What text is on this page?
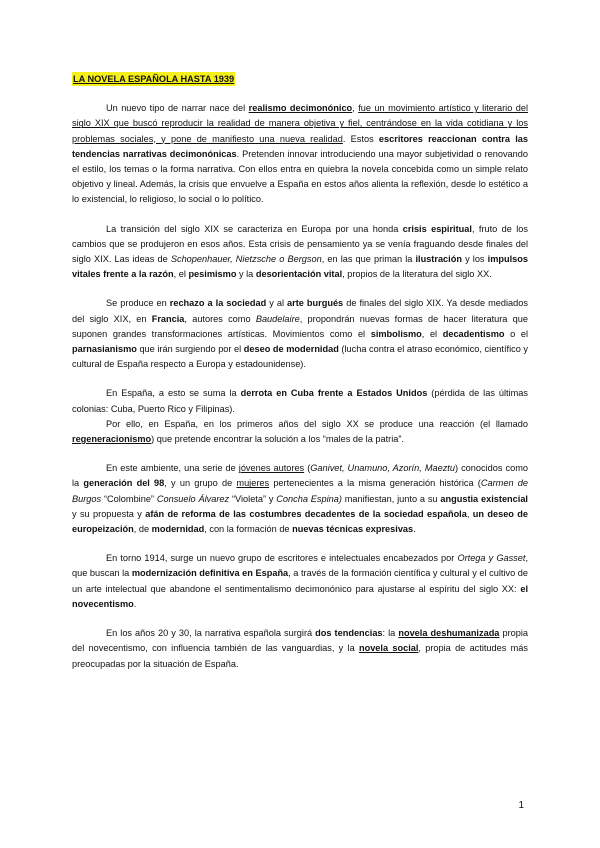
LA NOVELA ESPAÑOLA HASTA 1939

Un nuevo tipo de narrar nace del realismo decimonónico, fue un movimiento artístico y literario del siglo XIX que buscó reproducir la realidad de manera objetiva y fiel, centrándose en la vida cotidiana y los problemas sociales, y pone de manifiesto una nueva realidad. Estos escritores reaccionan contra las tendencias narrativas decimonónicas. Pretenden innovar introduciendo una mayor subjetividad o renovando el estilo, los temas o la forma narrativa. Con ellos entra en quiebra la novela concebida como un simple relato objetivo y lineal. Además, la crisis que envuelve a España en estos años alienta la reflexión, desde lo estético a lo existencial, lo religioso, lo social o lo político.

La transición del siglo XIX se caracteriza en Europa por una honda crisis espiritual, fruto de los cambios que se produjeron en esos años. Esta crisis de pensamiento ya se venía fraguando desde finales del siglo XIX. Las ideas de Schopenhauer, Nietzsche o Bergson, en las que priman la ilustración y los impulsos vitales frente a la razón, el pesimismo y la desorientación vital, propios de la literatura del siglo XX.

Se produce en rechazo a la sociedad y al arte burgués de finales del siglo XIX. Ya desde mediados del siglo XIX, en Francia, autores como Baudelaire, propondrán nuevas formas de hacer literatura que suponen grandes transformaciones artísticas. Movimientos como el simbolismo, el decadentismo o el parnasianismo que irán surgiendo por el deseo de modernidad (lucha contra el atraso económico, científico y cultural de España respecto a Europa y estadounidense).

En España, a esto se suma la derrota en Cuba frente a Estados Unidos (pérdida de las últimas colonias: Cuba, Puerto Rico y Filipinas).

Por ello, en España, en los primeros años del siglo XX se produce una reacción (el llamado regeneracionismo) que pretende encontrar la solución a los “males de la patria”.

En este ambiente, una serie de jóvenes autores (Ganivet, Unamuno, Azorín, Maeztu) conocidos como la generación del 98, y un grupo de mujeres pertenecientes a la misma generación histórica (Carmen de Burgos “Colombine” Consuelo Álvarez “Violeta” y Concha Espina) manifiestan, junto a su angustia existencial y su propuesta y afán de reforma de las costumbres decadentes de la sociedad española, un deseo de europeización, de modernidad, con la formación de nuevas técnicas expresivas.

En torno 1914, surge un nuevo grupo de escritores e intelectuales encabezados por Ortega y Gasset, que buscan la modernización definitiva en España, a través de la formación científica y cultural y el cultivo de un arte intelectual que abandone el sentimentalismo decimonónico para ajustarse al espíritu del siglo XX: el novecentismo.

En los años 20 y 30, la narrativa española surgirá dos tendencias: la novela deshumanizada propia del novecentismo, con influencia también de las vanguardias, y la novela social, propia de actitudes más preocupadas por la situación de España.

1
